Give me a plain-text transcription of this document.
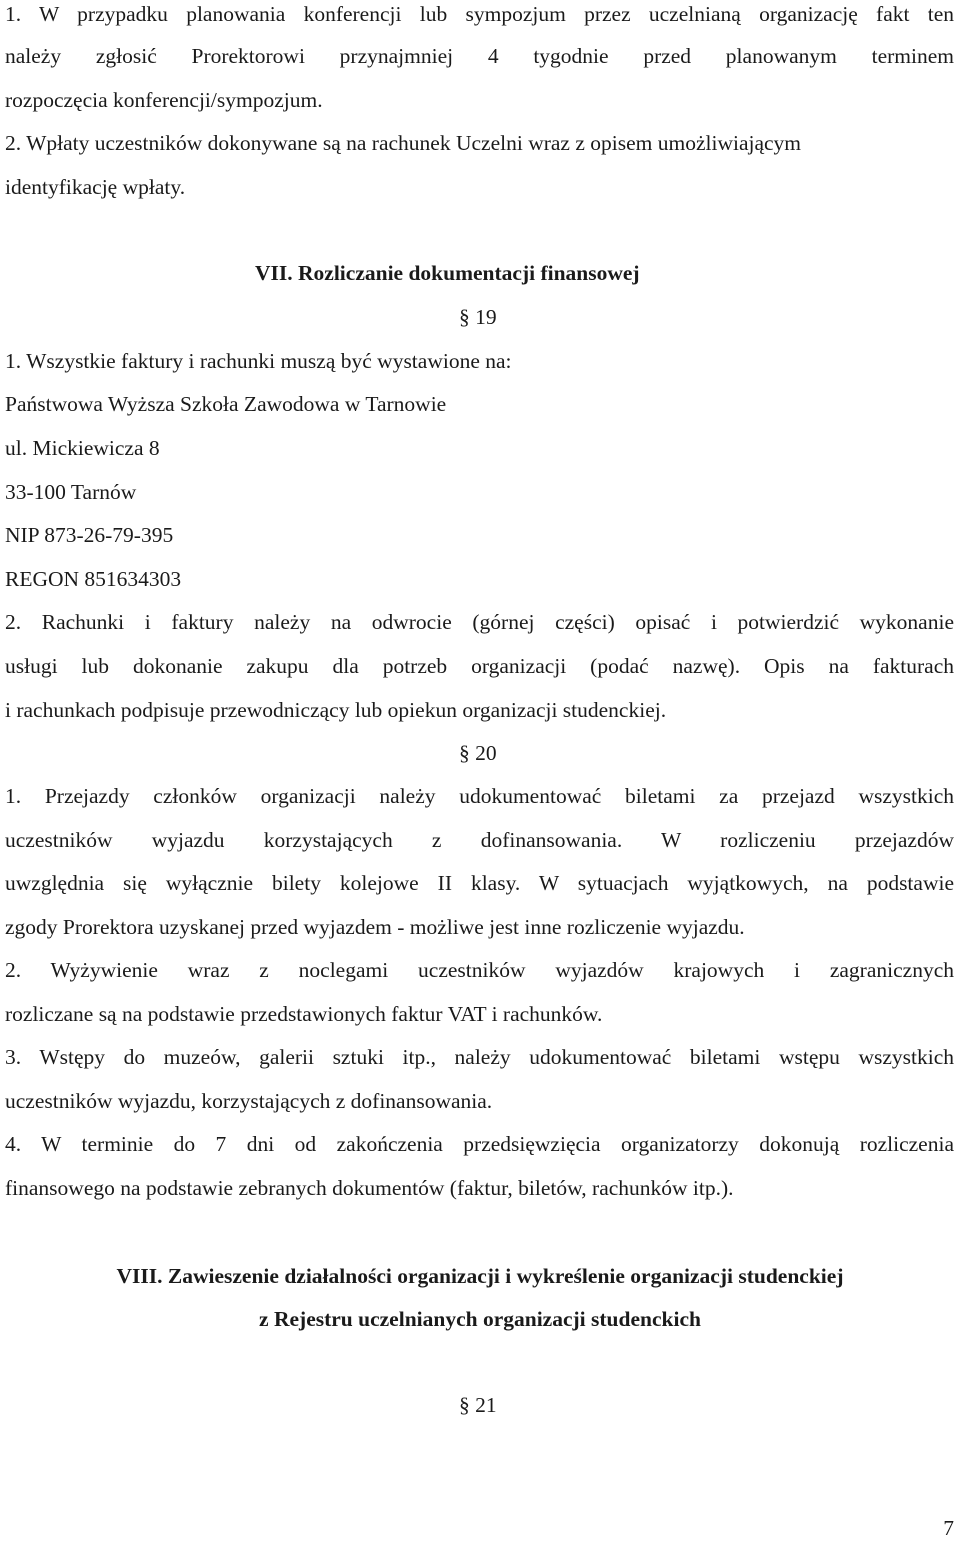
1. W przypadku planowania konferencji lub sympozjum przez uczelnianą organizację fakt ten
należy zgłosić Prorektorowi przynajmniej 4 tygodnie przed planowanym terminem
rozpoczęcia konferencji/sympozjum.
2. Wpłaty uczestników dokonywane są na rachunek Uczelni wraz z opisem umożliwiającym
identyfikację wpłaty.
VII. Rozliczanie dokumentacji finansowej
§ 19
1. Wszystkie faktury i rachunki muszą być wystawione na:
Państwowa Wyższa Szkoła Zawodowa w Tarnowie
ul. Mickiewicza 8
33-100 Tarnów
NIP 873-26-79-395
REGON 851634303
2. Rachunki i faktury należy na odwrocie (górnej części) opisać i potwierdzić wykonanie
usługi lub dokonanie zakupu dla potrzeb organizacji (podać nazwę). Opis na fakturach
i rachunkach podpisuje przewodniczący lub opiekun organizacji studenckiej.
§ 20
1. Przejazdy członków organizacji należy udokumentować biletami za przejazd wszystkich
uczestników wyjazdu korzystających z dofinansowania. W rozliczeniu przejazdów
uwzględnia się wyłącznie bilety kolejowe II klasy. W sytuacjach wyjątkowych, na podstawie
zgody Prorektora uzyskanej przed wyjazdem - możliwe jest inne rozliczenie wyjazdu.
2. Wyżywienie wraz z noclegami uczestników wyjazdów krajowych i zagranicznych
rozliczane są na podstawie przedstawionych faktur VAT i rachunków.
3. Wstępy do muzeów, galerii sztuki itp., należy udokumentować biletami wstępu wszystkich
uczestników wyjazdu, korzystających z dofinansowania.
4. W terminie do 7 dni od zakończenia przedsięwzięcia organizatorzy dokonują rozliczenia
finansowego na podstawie zebranych dokumentów (faktur, biletów, rachunków itp.).
VIII. Zawieszenie działalności organizacji i wykreślenie organizacji studenckiej
z Rejestru uczelnianych organizacji studenckich
§ 21
7
